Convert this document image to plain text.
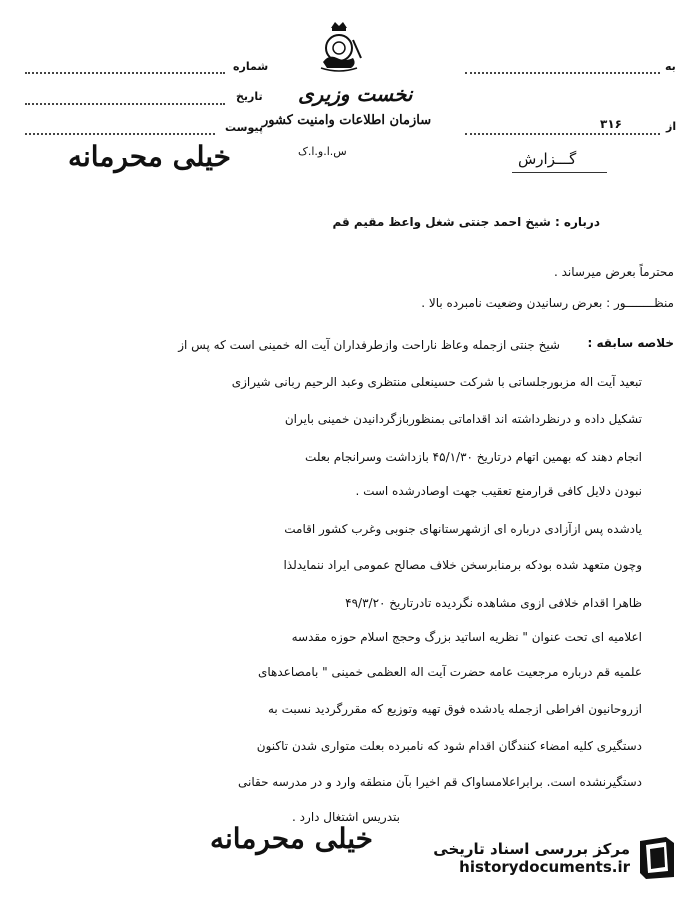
شماره
تاریخ
پیوست
خیلی محرمانه
به
از
۳۱۶
گـــزارش
نخست وزیری
سازمان اطلاعات وامنیت کشور
س.ا.و.ا.ک
درباره : شیخ احمد جنتی شغل واعظ مقیم قم
محترماً بعرض میرساند .
منظــــــــور : بعرض رسانیدن وضعیت نامبرده بالا .
خلاصه سابقه :
شیخ جنتی ازجمله وعاظ ناراحت وازطرفداران آیت اله خمینی است که پس از
تبعید آیت اله مزبورجلساتی با شرکت حسینعلی منتظری وعبد الرحیم ربانی شیرازی
تشکیل داده و درنظرداشته اند اقداماتی بمنظوربازگردانیدن خمینی بایران
انجام دهند که بهمین اتهام درتاریخ ۴۵/۱/۳۰ بازداشت وسرانجام بعلت
نبودن دلایل کافی قرارمنع تعقیب جهت اوصادرشده است .
یادشده پس ازآزادی درباره ای ازشهرستانهای جنوبی وغرب کشور اقامت
وچون متعهد شده بودکه برمنابرسخن خلاف مصالح عمومی ایراد ننمایدلذا
ظاهرا اقدام خلافی ازوی مشاهده نگردیده تادرتاریخ ۴۹/۳/۲۰
اعلامیه ای تحت عنوان " نظریه اساتید بزرگ وحجج اسلام حوزه مقدسه
علمیه قم درباره مرجعیت عامه حضرت آیت اله العظمی خمینی " بامصاعدهای
ازروحانیون افراطی ازجمله یادشده فوق تهیه وتوزیع که مقررگردید نسبت به
دستگیری کلیه امضاء کنندگان اقدام شود که نامبرده بعلت متواری شدن تاکنون
دستگیرنشده است. برابراعلامساواک قم اخیرا بآن منطقه وارد و در مدرسه حقانی
بتدریس اشتغال دارد .
خیلی محرمانه	مرکز بررسی اسناد تاریخی
historydocuments.ir
